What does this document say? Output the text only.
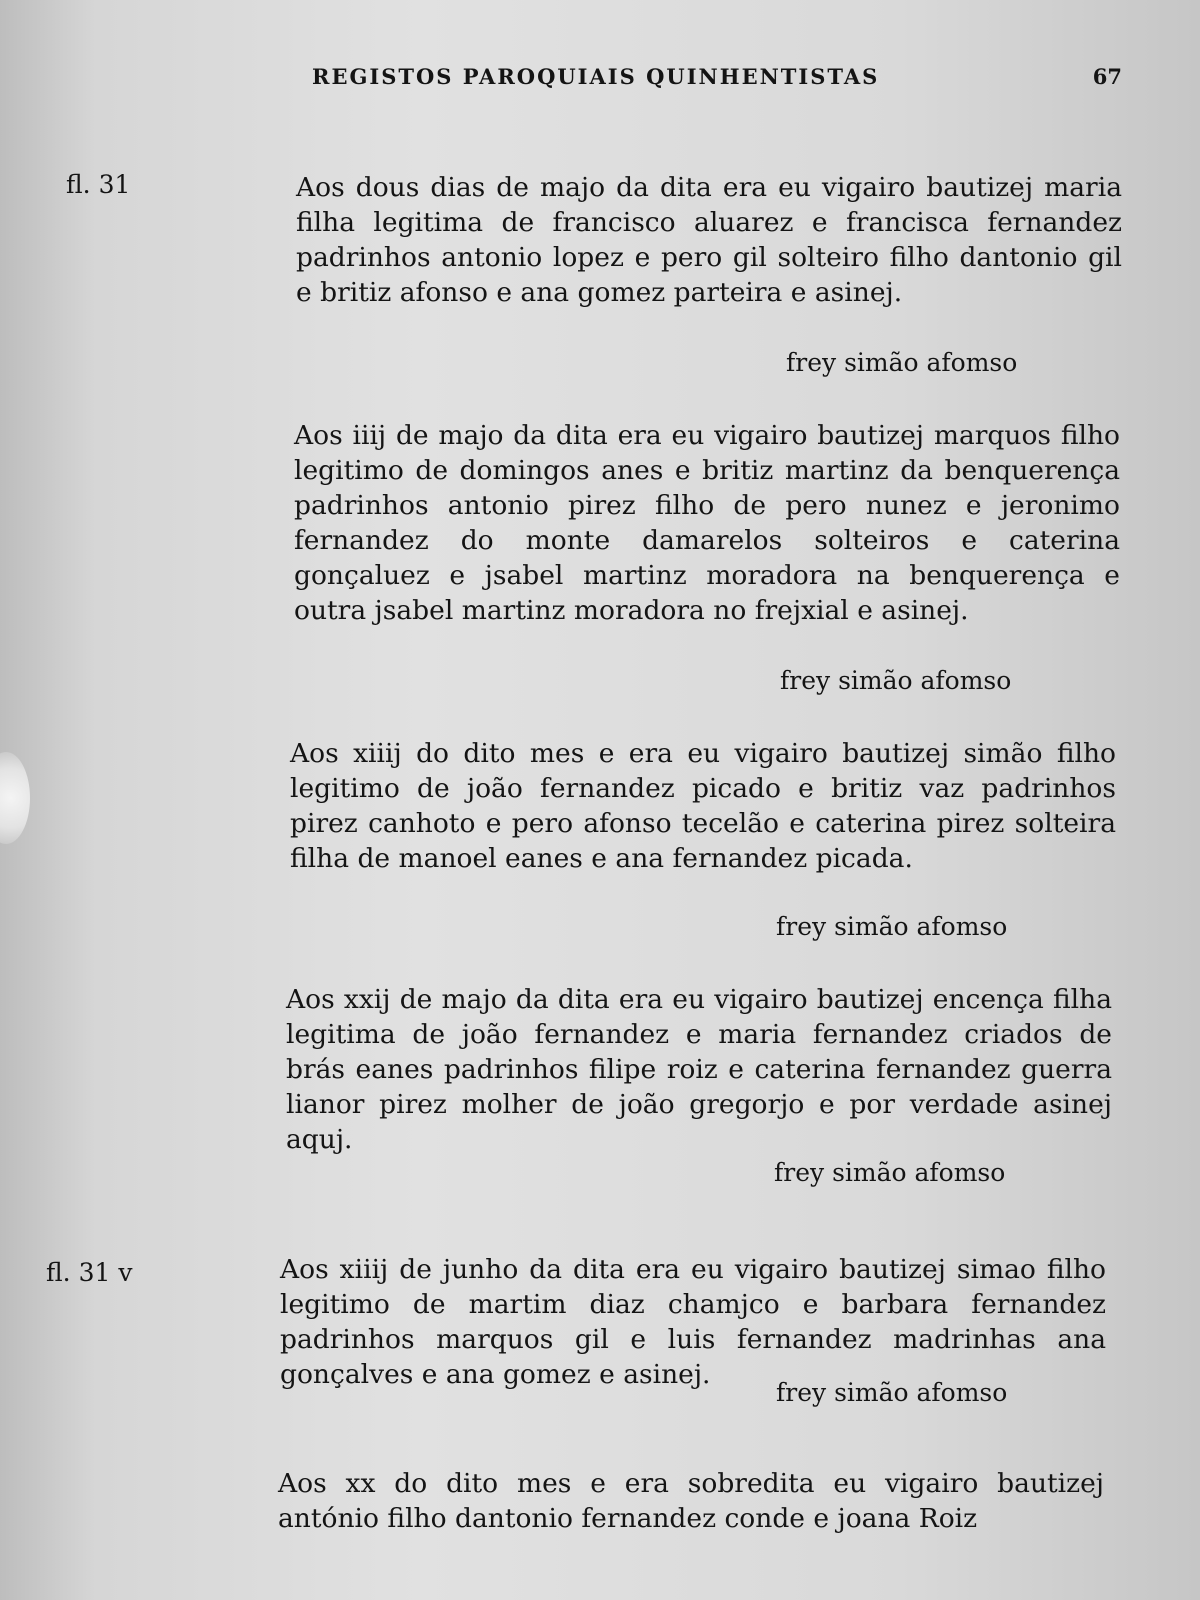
REGISTOS PAROQUIAIS QUINHENTISTAS	67
fl. 31	Aos dous dias de majo da dita era eu vigairo bautizej maria filha legitima de francisco aluarez e francisca fernandez padrinhos antonio lopez e pero gil solteiro filho dantonio gil e britiz afonso e ana gomez parteira e asinej.
frey simão afomso
Aos iiij de majo da dita era eu vigairo bautizej marquos filho legitimo de domingos anes e britiz martinz da benquerença padrinhos antonio pirez filho de pero nunez e jeronimo fernandez do monte damarelos solteiros e caterina gonçaluez e jsabel martinz moradora na benquerença e outra jsabel martinz moradora no frejxial e asinej.
frey simão afomso
Aos xiiij do dito mes e era eu vigairo bautizej simão filho legitimo de joão fernandez picado e britiz vaz padrinhos pirez canhoto e pero afonso tecelão e caterina pirez solteira filha de manoel eanes e ana fernandez picada.
frey simão afomso
Aos xxij de majo da dita era eu vigairo bautizej encença filha legitima de joão fernandez e maria fernandez criados de brás eanes padrinhos filipe roiz e caterina fernandez guerra lianor pirez molher de joão gregorjo e por verdade asinej aquj.
frey simão afomso
fl. 31 v	Aos xiiij de junho da dita era eu vigairo bautizej simao filho legitimo de martim diaz chamjco e barbara fernandez padrinhos marquos gil e luis fernandez madrinhas ana gonçalves e ana gomez e asinej.
frey simão afomso
Aos xx do dito mes e era sobredita eu vigairo bautizej antónio filho dantonio fernandez conde e joana Roiz
